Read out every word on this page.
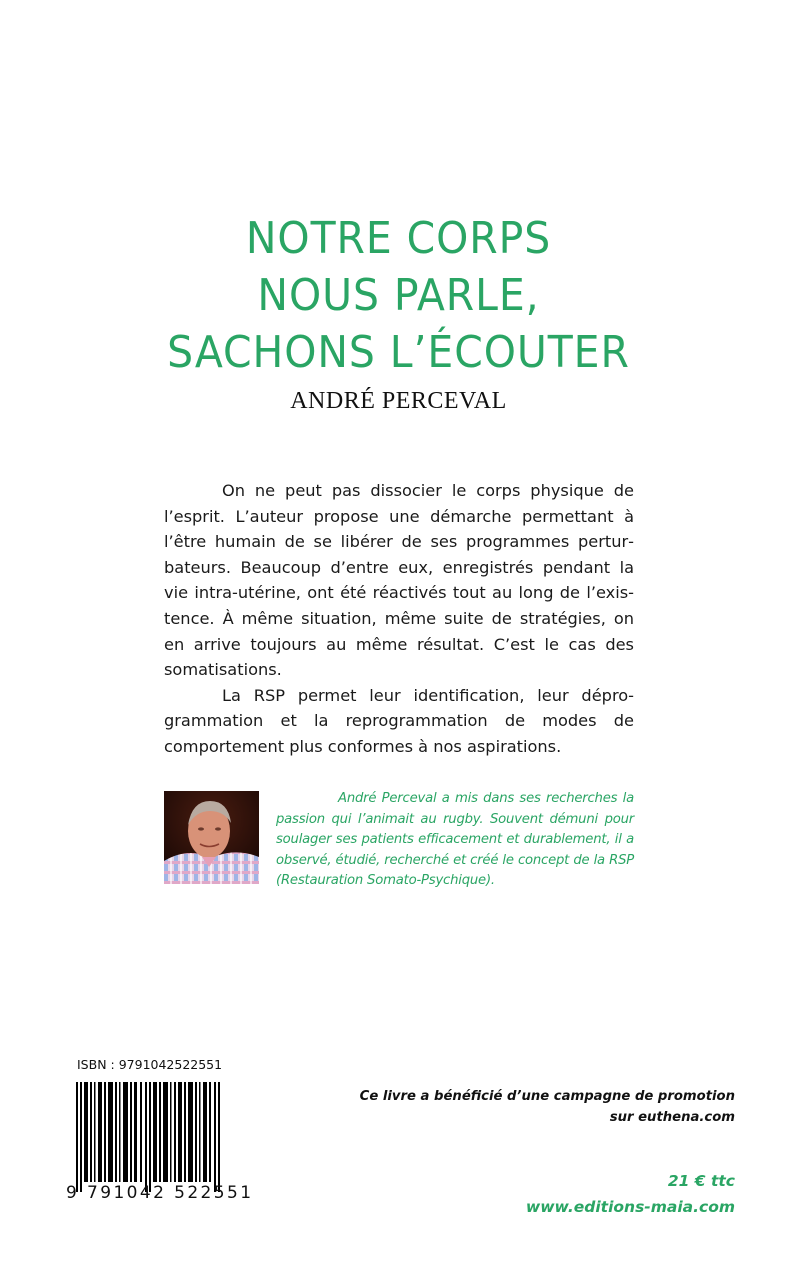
NOTRE CORPS
NOUS PARLE,
SACHONS L’ÉCOUTER
ANDRÉ PERCEVAL

On ne peut pas dissocier le corps physique de l’esprit. L’auteur propose une démarche permettant à l’être humain de se libérer de ses programmes perturbateurs. Beaucoup d’entre eux, enregistrés pendant la vie intra-utérine, ont été réactivés tout au long de l’existence. À même situation, même suite de stratégies, on en arrive toujours au même résultat. C’est le cas des somatisations.

La RSP permet leur identification, leur déprogrammation et la reprogrammation de modes de comportement plus conformes à nos aspirations.

André Perceval a mis dans ses recherches la passion qui l’animait au rugby. Souvent démuni pour soulager ses patients efficacement et durablement, il a observé, étudié, recherché et créé le concept de la RSP (Restauration Somato-Psychique).

ISBN : 9791042522551
9 791042 522551
Ce livre a bénéficié d’une campagne de promotion
sur euthena.com
21 € ttc
www.editions-maia.com
